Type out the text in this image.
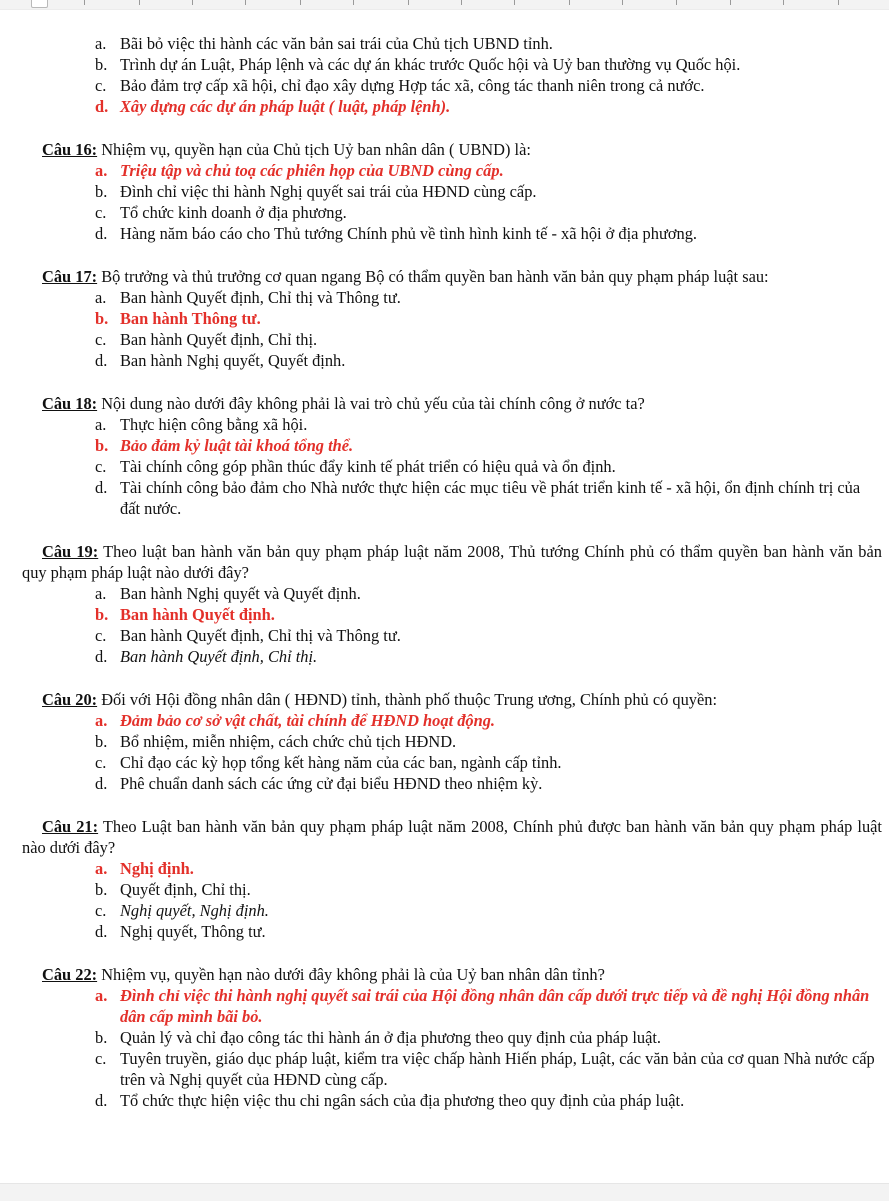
a. Bãi bỏ việc thi hành các văn bản sai trái của Chủ tịch UBND tỉnh.
b. Trình dự án Luật, Pháp lệnh và các dự án khác trước Quốc hội và Uỷ ban thường vụ Quốc hội.
c. Bảo đảm trợ cấp xã hội, chỉ đạo xây dựng Hợp tác xã, công tác thanh niên trong cả nước.
d. Xây dựng các dự án pháp luật ( luật, pháp lệnh).

Câu 16: Nhiệm vụ, quyền hạn của Chủ tịch Uỷ ban nhân dân ( UBND) là:

a. Triệu tập và chủ toạ các phiên họp của UBND cùng cấp.
b. Đình chỉ việc thi hành Nghị quyết sai trái của HĐND cùng cấp.
c. Tổ chức kinh doanh ở địa phương.
d. Hàng năm báo cáo cho Thủ tướng Chính phủ về tình hình kinh tế - xã hội ở địa phương.

Câu 17: Bộ trưởng và thủ trưởng cơ quan ngang Bộ có thẩm quyền ban hành văn bản quy phạm pháp luật sau:

a. Ban hành Quyết định, Chỉ thị và Thông tư.
b. Ban hành Thông tư.
c. Ban hành Quyết định, Chỉ thị.
d. Ban hành Nghị quyết, Quyết định.

Câu 18: Nội dung nào dưới đây không phải là vai trò chủ yếu của tài chính công ở nước ta?

a. Thực hiện công bằng xã hội.
b. Bảo đảm kỷ luật tài khoá tổng thể.
c. Tài chính công góp phần thúc đẩy kinh tế phát triển có hiệu quả và ổn định.
d. Tài chính công bảo đảm cho Nhà nước thực hiện các mục tiêu về phát triển kinh tế - xã hội, ổn định chính trị của đất nước.

Câu 19: Theo luật ban hành văn bản quy phạm pháp luật năm 2008, Thủ tướng Chính phủ có thẩm quyền ban hành văn bản quy phạm pháp luật nào dưới đây?

a. Ban hành Nghị quyết và Quyết định.
b. Ban hành Quyết định.
c. Ban hành Quyết định, Chỉ thị và Thông tư.
d. Ban hành Quyết định, Chỉ thị.

Câu 20: Đối với Hội đồng nhân dân ( HĐND) tỉnh, thành phố thuộc Trung ương, Chính phủ có quyền:

a. Đảm bảo cơ sở vật chất, tài chính để HĐND hoạt động.
b. Bổ nhiệm, miễn nhiệm, cách chức chủ tịch HĐND.
c. Chỉ đạo các kỳ họp tổng kết hàng năm của các ban, ngành cấp tỉnh.
d. Phê chuẩn danh sách các ứng cử đại biểu HĐND theo nhiệm kỳ.

Câu 21: Theo Luật ban hành văn bản quy phạm pháp luật năm 2008, Chính phủ được ban hành văn bản quy phạm pháp luật nào dưới đây?

a. Nghị định.
b. Quyết định, Chỉ thị.
c. Nghị quyết, Nghị định.
d. Nghị quyết, Thông tư.

Câu 22: Nhiệm vụ, quyền hạn nào dưới đây không phải là của Uỷ ban nhân dân tỉnh?

a. Đình chỉ việc thi hành nghị quyết sai trái của Hội đồng nhân dân cấp dưới trực tiếp và đề nghị Hội đồng nhân dân cấp mình bãi bỏ.
b. Quản lý và chỉ đạo công tác thi hành án ở địa phương theo quy định của pháp luật.
c. Tuyên truyền, giáo dục pháp luật, kiểm tra việc chấp hành Hiến pháp, Luật, các văn bản của cơ quan Nhà nước cấp trên và Nghị quyết của HĐND cùng cấp.
d. Tổ chức thực hiện việc thu chi ngân sách của địa phương theo quy định của pháp luật.
